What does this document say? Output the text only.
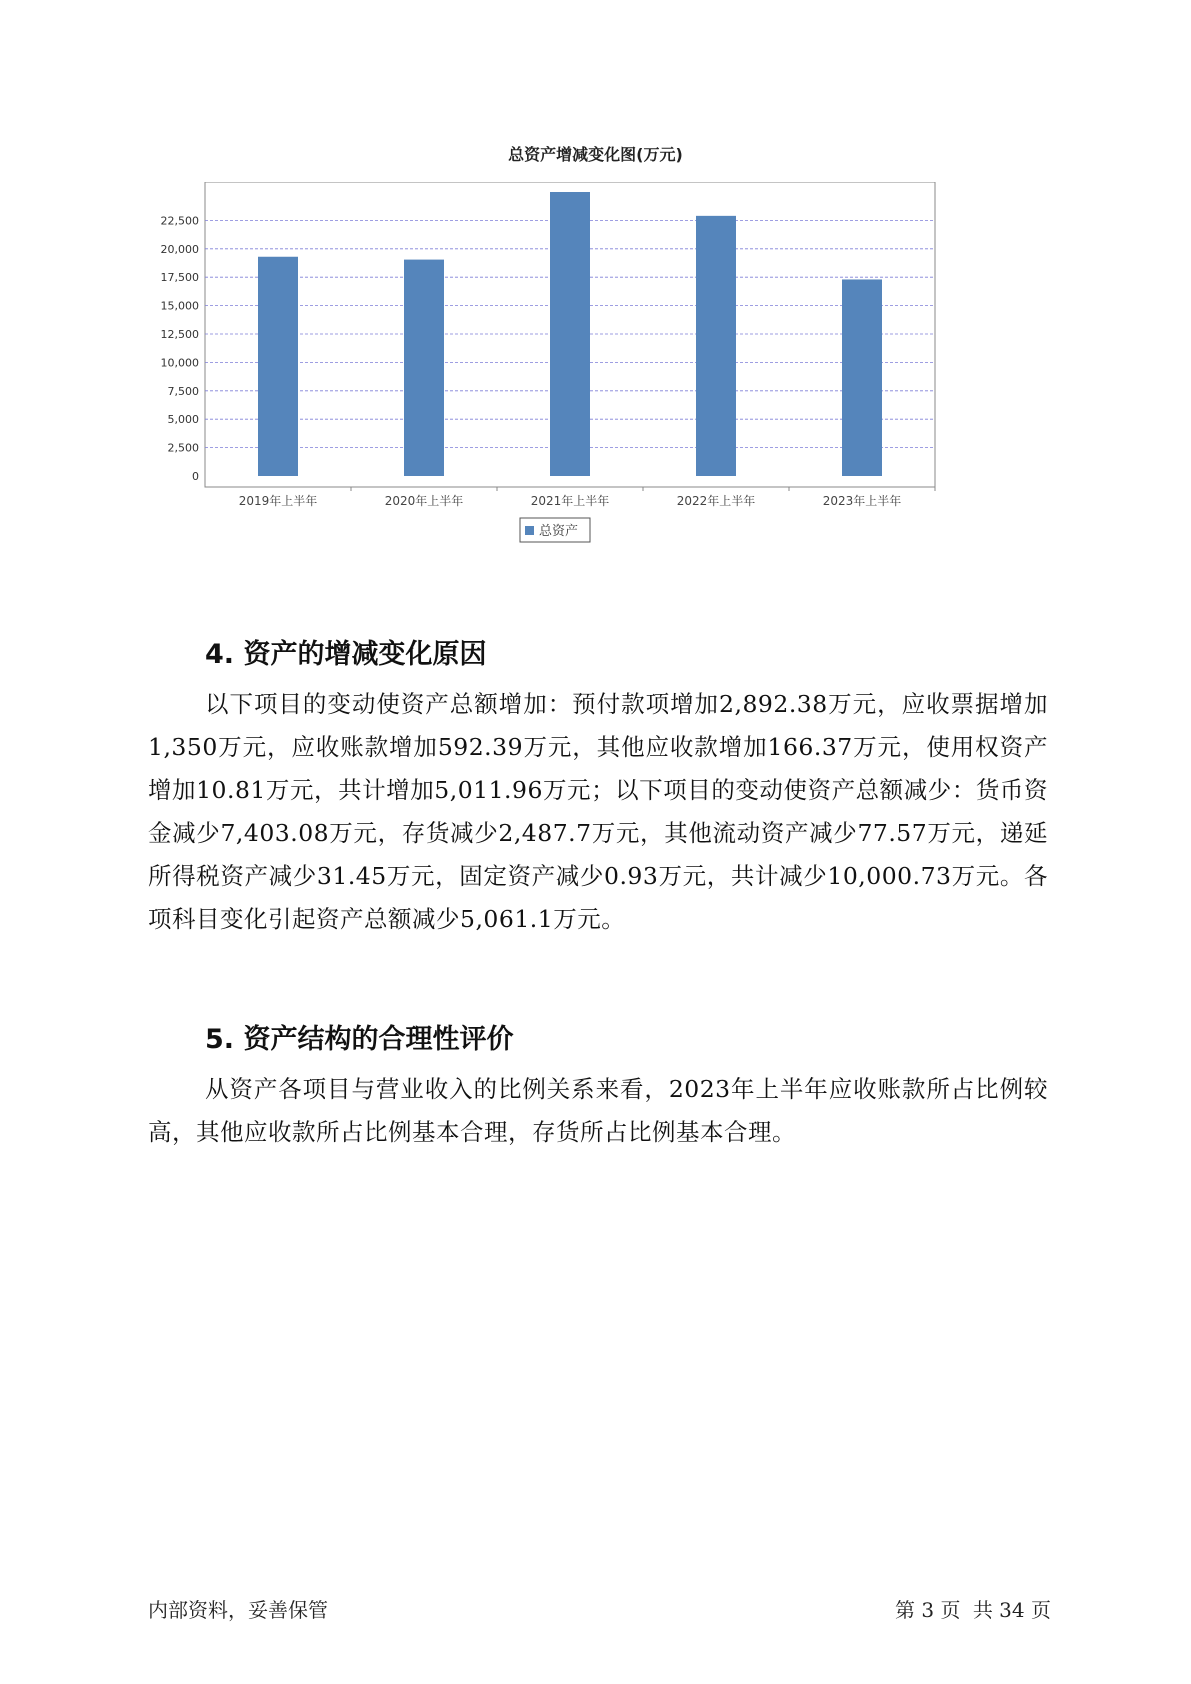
总资产增减变化图(万元)
0
2,500
5,000
7,500
10,000
12,500
15,000
17,500
20,000
22,500
2019年上半年	2020年上半年	2021年上半年	2022年上半年	2023年上半年
总资产
4. 资产的增减变化原因

以下项目的变动使资产总额增加：预付款项增加2,892.38万元，应收票据增加1,350万元，应收账款增加592.39万元，其他应收款增加166.37万元，使用权资产增加10.81万元，共计增加5,011.96万元；以下项目的变动使资产总额减少：货币资金减少7,403.08万元，存货减少2,487.7万元，其他流动资产减少77.57万元，递延所得税资产减少31.45万元，固定资产减少0.93万元，共计减少10,000.73万元。各项科目变化引起资产总额减少5,061.1万元。

5. 资产结构的合理性评价

从资产各项目与营业收入的比例关系来看，2023年上半年应收账款所占比例较高，其他应收款所占比例基本合理，存货所占比例基本合理。

内部资料，妥善保管	第 3 页 共 34 页
